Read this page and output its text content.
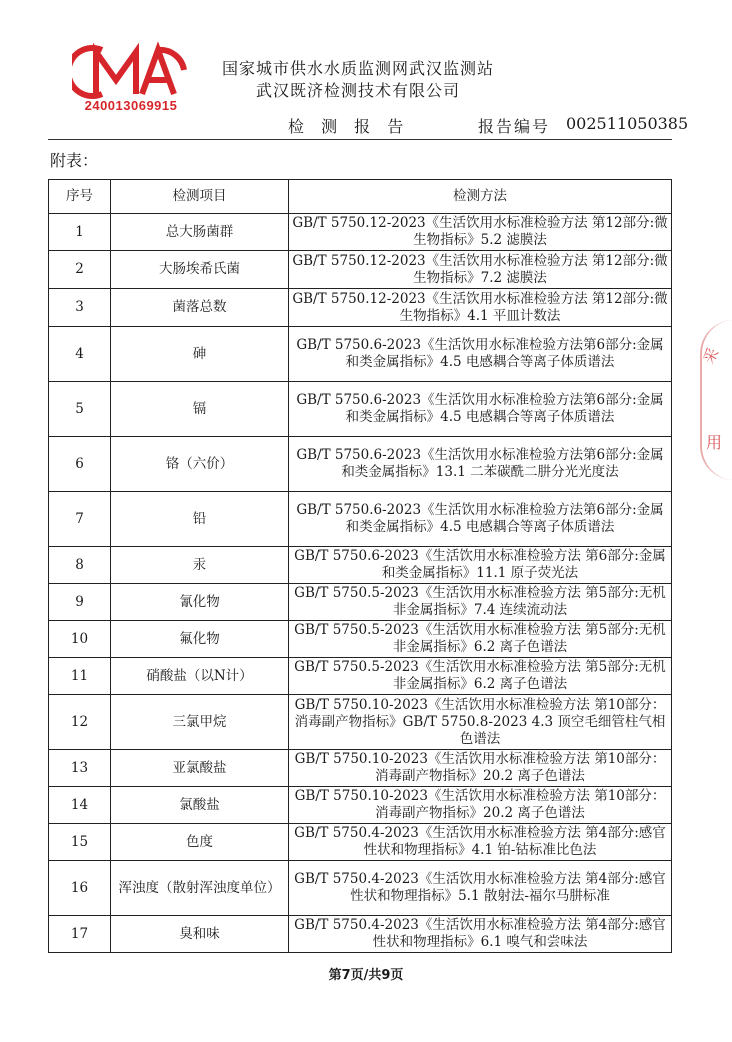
240013069915
国家城市供水水质监测网武汉监测站
武汉既济检测技术有限公司
检 测 报 告	报告编号 002511050385
附表：
序号	检测项目	检测方法
1	总大肠菌群	GB/T 5750.12-2023《生活饮用水标准检验方法 第12部分:微生物指标》5.2 滤膜法
2	大肠埃希氏菌	GB/T 5750.12-2023《生活饮用水标准检验方法 第12部分:微生物指标》7.2 滤膜法
3	菌落总数	GB/T 5750.12-2023《生活饮用水标准检验方法 第12部分:微生物指标》4.1 平皿计数法
4	砷	GB/T 5750.6-2023《生活饮用水标准检验方法第6部分:金属和类金属指标》4.5 电感耦合等离子体质谱法
5	镉	GB/T 5750.6-2023《生活饮用水标准检验方法第6部分:金属和类金属指标》4.5 电感耦合等离子体质谱法
6	铬（六价）	GB/T 5750.6-2023《生活饮用水标准检验方法第6部分:金属和类金属指标》13.1 二苯碳酰二肼分光光度法
7	铅	GB/T 5750.6-2023《生活饮用水标准检验方法第6部分:金属和类金属指标》4.5 电感耦合等离子体质谱法
8	汞	GB/T 5750.6-2023《生活饮用水标准检验方法 第6部分:金属和类金属指标》11.1 原子荧光法
9	氰化物	GB/T 5750.5-2023《生活饮用水标准检验方法 第5部分:无机非金属指标》7.4 连续流动法
10	氟化物	GB/T 5750.5-2023《生活饮用水标准检验方法 第5部分:无机非金属指标》6.2 离子色谱法
11	硝酸盐（以N计）	GB/T 5750.5-2023《生活饮用水标准检验方法 第5部分:无机非金属指标》6.2 离子色谱法
12	三氯甲烷	GB/T 5750.10-2023《生活饮用水标准检验方法 第10部分：消毒副产物指标》GB/T 5750.8-2023 4.3 顶空毛细管柱气相色谱法
13	亚氯酸盐	GB/T 5750.10-2023《生活饮用水标准检验方法 第10部分：消毒副产物指标》20.2 离子色谱法
14	氯酸盐	GB/T 5750.10-2023《生活饮用水标准检验方法 第10部分：消毒副产物指标》20.2 离子色谱法
15	色度	GB/T 5750.4-2023《生活饮用水标准检验方法 第4部分:感官性状和物理指标》4.1 铂-钴标准比色法
16	浑浊度（散射浑浊度单位）	GB/T 5750.4-2023《生活饮用水标准检验方法 第4部分:感官性状和物理指标》5.1 散射法-福尔马肼标准
17	臭和味	GB/T 5750.4-2023《生活饮用水标准检验方法 第4部分:感官性状和物理指标》6.1 嗅气和尝味法
采
用
第7页/共9页
